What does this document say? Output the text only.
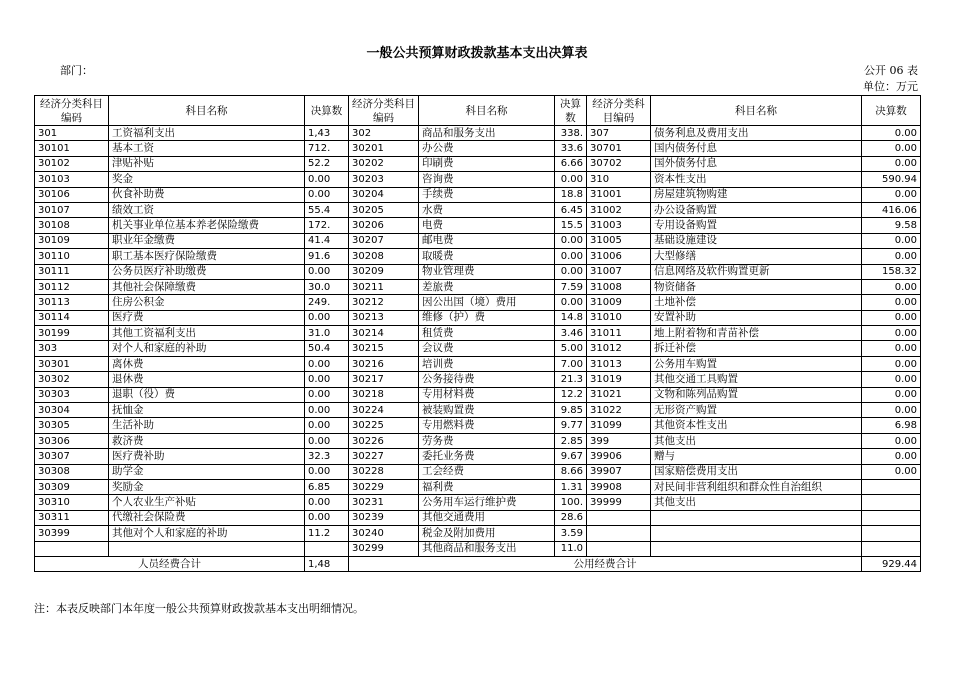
一般公共预算财政拨款基本支出决算表
部门：	公开 06 表
单位：万元
经济分类科目编码	科目名称	决算数	经济分类科目编码	科目名称	决算数	经济分类科目编码	科目名称	决算数
301	工资福利支出	1,43	302	商品和服务支出	338.	307	债务利息及费用支出	0.00
30101	基本工资	712.	30201	办公费	33.6	30701	国内债务付息	0.00
30102	津贴补贴	52.2	30202	印刷费	6.66	30702	国外债务付息	0.00
30103	奖金	0.00	30203	咨询费	0.00	310	资本性支出	590.94
30106	伙食补助费	0.00	30204	手续费	18.8	31001	房屋建筑物购建	0.00
30107	绩效工资	55.4	30205	水费	6.45	31002	办公设备购置	416.06
30108	机关事业单位基本养老保险缴费	172.	30206	电费	15.5	31003	专用设备购置	9.58
30109	职业年金缴费	41.4	30207	邮电费	0.00	31005	基础设施建设	0.00
30110	职工基本医疗保险缴费	91.6	30208	取暖费	0.00	31006	大型修缮	0.00
30111	公务员医疗补助缴费	0.00	30209	物业管理费	0.00	31007	信息网络及软件购置更新	158.32
30112	其他社会保障缴费	30.0	30211	差旅费	7.59	31008	物资储备	0.00
30113	住房公积金	249.	30212	因公出国（境）费用	0.00	31009	土地补偿	0.00
30114	医疗费	0.00	30213	维修（护）费	14.8	31010	安置补助	0.00
30199	其他工资福利支出	31.0	30214	租赁费	3.46	31011	地上附着物和青苗补偿	0.00
303	对个人和家庭的补助	50.4	30215	会议费	5.00	31012	拆迁补偿	0.00
30301	离休费	0.00	30216	培训费	7.00	31013	公务用车购置	0.00
30302	退休费	0.00	30217	公务接待费	21.3	31019	其他交通工具购置	0.00
30303	退职（役）费	0.00	30218	专用材料费	12.2	31021	文物和陈列品购置	0.00
30304	抚恤金	0.00	30224	被装购置费	9.85	31022	无形资产购置	0.00
30305	生活补助	0.00	30225	专用燃料费	9.77	31099	其他资本性支出	6.98
30306	救济费	0.00	30226	劳务费	2.85	399	其他支出	0.00
30307	医疗费补助	32.3	30227	委托业务费	9.67	39906	赠与	0.00
30308	助学金	0.00	30228	工会经费	8.66	39907	国家赔偿费用支出	0.00
30309	奖励金	6.85	30229	福利费	1.31	39908	对民间非营利组织和群众性自治组织	
30310	个人农业生产补贴	0.00	30231	公务用车运行维护费	100.	39999	其他支出	
30311	代缴社会保险费	0.00	30239	其他交通费用	28.6			
30399	其他对个人和家庭的补助	11.2	30240	税金及附加费用	3.59			
			30299	其他商品和服务支出	11.0			
人员经费合计		1,48	公用经费合计					929.44
注：本表反映部门本年度一般公共预算财政拨款基本支出明细情况。
